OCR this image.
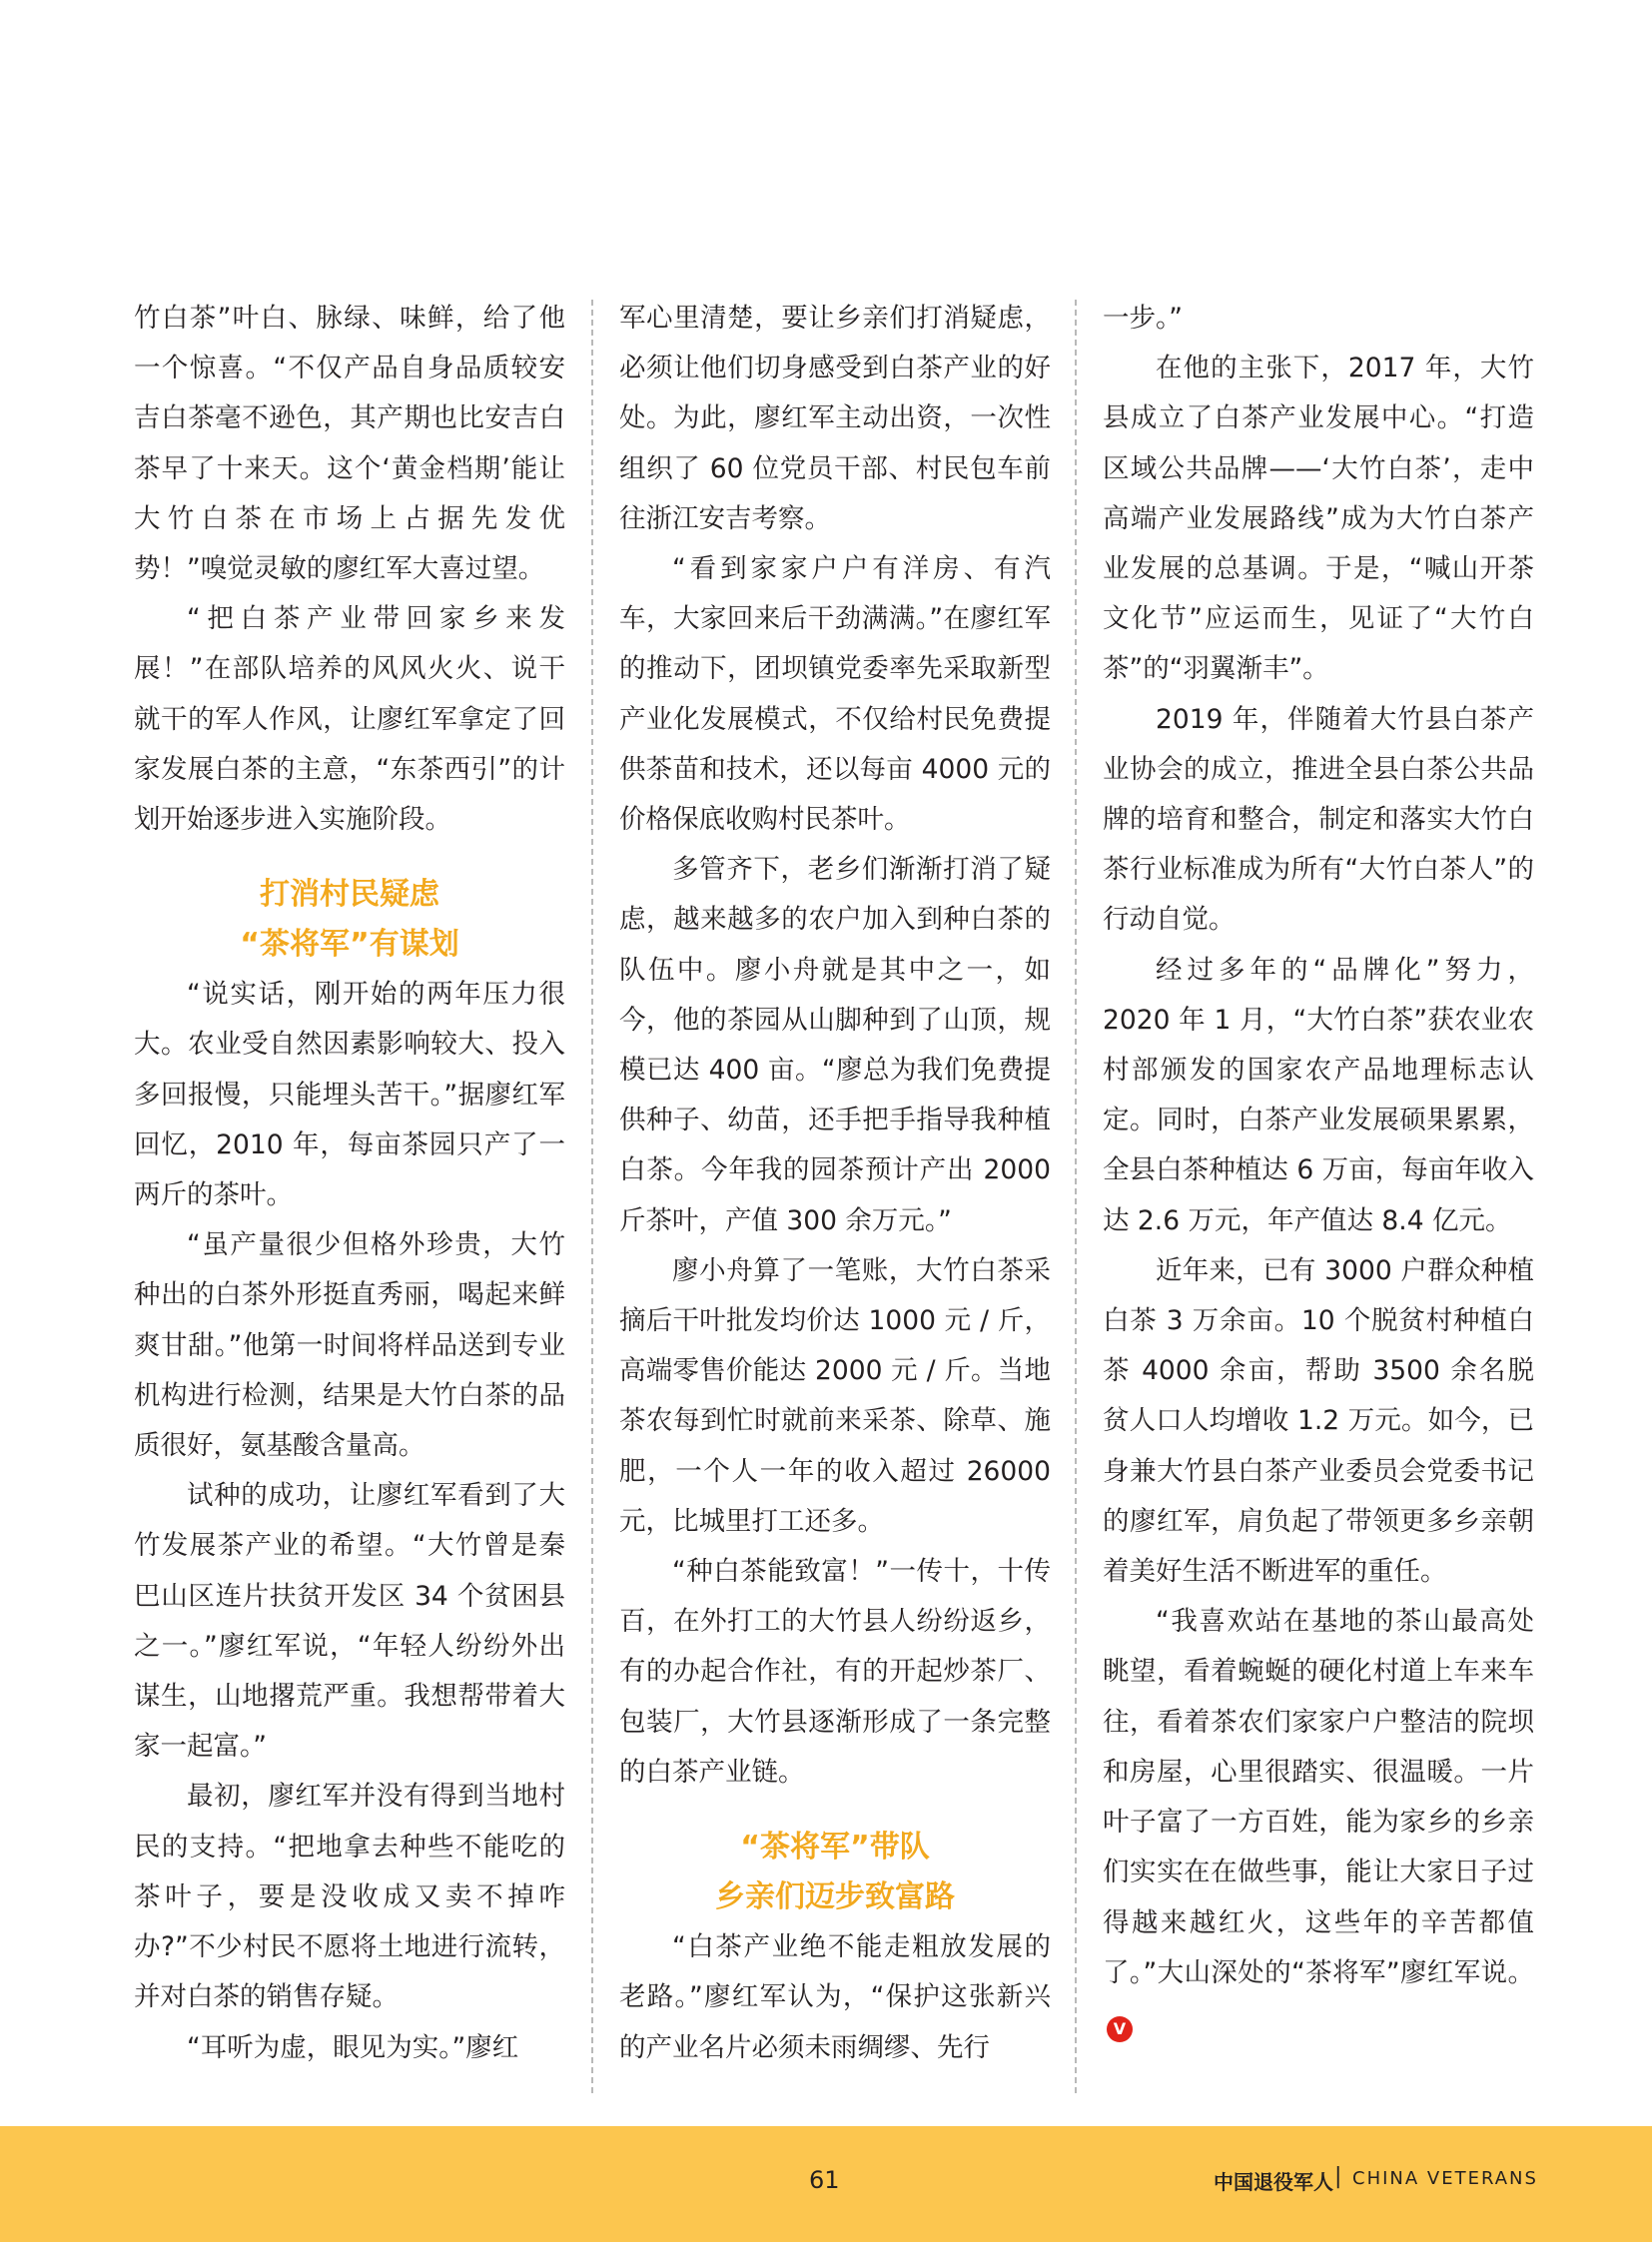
竹白茶”叶白、脉绿、味鲜，给了他一个惊喜。“不仅产品自身品质较安吉白茶毫不逊色，其产期也比安吉白茶早了十来天。这个‘黄金档期’能让大竹白茶在市场上占据先发优势！”嗅觉灵敏的廖红军大喜过望。

“把白茶产业带回家乡来发展！”在部队培养的风风火火、说干就干的军人作风，让廖红军拿定了回家发展白茶的主意，“东茶西引”的计划开始逐步进入实施阶段。

打消村民疑虑

“茶将军”有谋划

“说实话，刚开始的两年压力很大。农业受自然因素影响较大、投入多回报慢，只能埋头苦干。”据廖红军回忆，2010 年，每亩茶园只产了一两斤的茶叶。

“虽产量很少但格外珍贵，大竹种出的白茶外形挺直秀丽，喝起来鲜爽甘甜。”他第一时间将样品送到专业机构进行检测，结果是大竹白茶的品质很好，氨基酸含量高。

试种的成功，让廖红军看到了大竹发展茶产业的希望。“大竹曾是秦巴山区连片扶贫开发区 34 个贫困县之一。”廖红军说，“年轻人纷纷外出谋生，山地撂荒严重。我想帮带着大家一起富。”

最初，廖红军并没有得到当地村民的支持。“把地拿去种些不能吃的茶叶子，要是没收成又卖不掉咋办?”不少村民不愿将土地进行流转，并对白茶的销售存疑。

“耳听为虚，眼见为实。”廖红

军心里清楚，要让乡亲们打消疑虑，必须让他们切身感受到白茶产业的好处。为此，廖红军主动出资，一次性组织了 60 位党员干部、村民包车前往浙江安吉考察。

“看到家家户户有洋房、有汽车，大家回来后干劲满满。”在廖红军的推动下，团坝镇党委率先采取新型产业化发展模式，不仅给村民免费提供茶苗和技术，还以每亩 4000 元的价格保底收购村民茶叶。

多管齐下，老乡们渐渐打消了疑虑，越来越多的农户加入到种白茶的队伍中。廖小舟就是其中之一，如今，他的茶园从山脚种到了山顶，规模已达 400 亩。“廖总为我们免费提供种子、幼苗，还手把手指导我种植白茶。今年我的园茶预计产出 2000 斤茶叶，产值 300 余万元。”

廖小舟算了一笔账，大竹白茶采摘后干叶批发均价达 1000 元 / 斤，高端零售价能达 2000 元 / 斤。当地茶农每到忙时就前来采茶、除草、施肥，一个人一年的收入超过 26000 元，比城里打工还多。

“种白茶能致富！”一传十，十传百，在外打工的大竹县人纷纷返乡，有的办起合作社，有的开起炒茶厂、包装厂，大竹县逐渐形成了一条完整的白茶产业链。

“茶将军”带队

乡亲们迈步致富路

“白茶产业绝不能走粗放发展的老路。”廖红军认为，“保护这张新兴的产业名片必须未雨绸缪、先行

一步。”

在他的主张下，2017 年，大竹县成立了白茶产业发展中心。“打造区域公共品牌——‘大竹白茶’，走中高端产业发展路线”成为大竹白茶产业发展的总基调。于是，“喊山开茶文化节”应运而生，见证了“大竹白茶”的“羽翼渐丰”。

2019 年，伴随着大竹县白茶产业协会的成立，推进全县白茶公共品牌的培育和整合，制定和落实大竹白茶行业标准成为所有“大竹白茶人”的行动自觉。

经过多年的“品牌化”努力，2020 年 1 月，“大竹白茶”获农业农村部颁发的国家农产品地理标志认定。同时，白茶产业发展硕果累累，全县白茶种植达 6 万亩，每亩年收入达 2.6 万元，年产值达 8.4 亿元。

近年来，已有 3000 户群众种植白茶 3 万余亩。10 个脱贫村种植白茶 4000 余亩，帮助 3500 余名脱贫人口人均增收 1.2 万元。如今，已身兼大竹县白茶产业委员会党委书记的廖红军，肩负起了带领更多乡亲朝着美好生活不断进军的重任。

“我喜欢站在基地的茶山最高处眺望，看着蜿蜒的硬化村道上车来车往，看着茶农们家家户户整洁的院坝和房屋，心里很踏实、很温暖。一片叶子富了一方百姓，能为家乡的乡亲们实实在在做些事，能让大家日子过得越来越红火，这些年的辛苦都值了。”大山深处的“茶将军”廖红军说。V

61	中国退役军人 | CHINA VETERANS
